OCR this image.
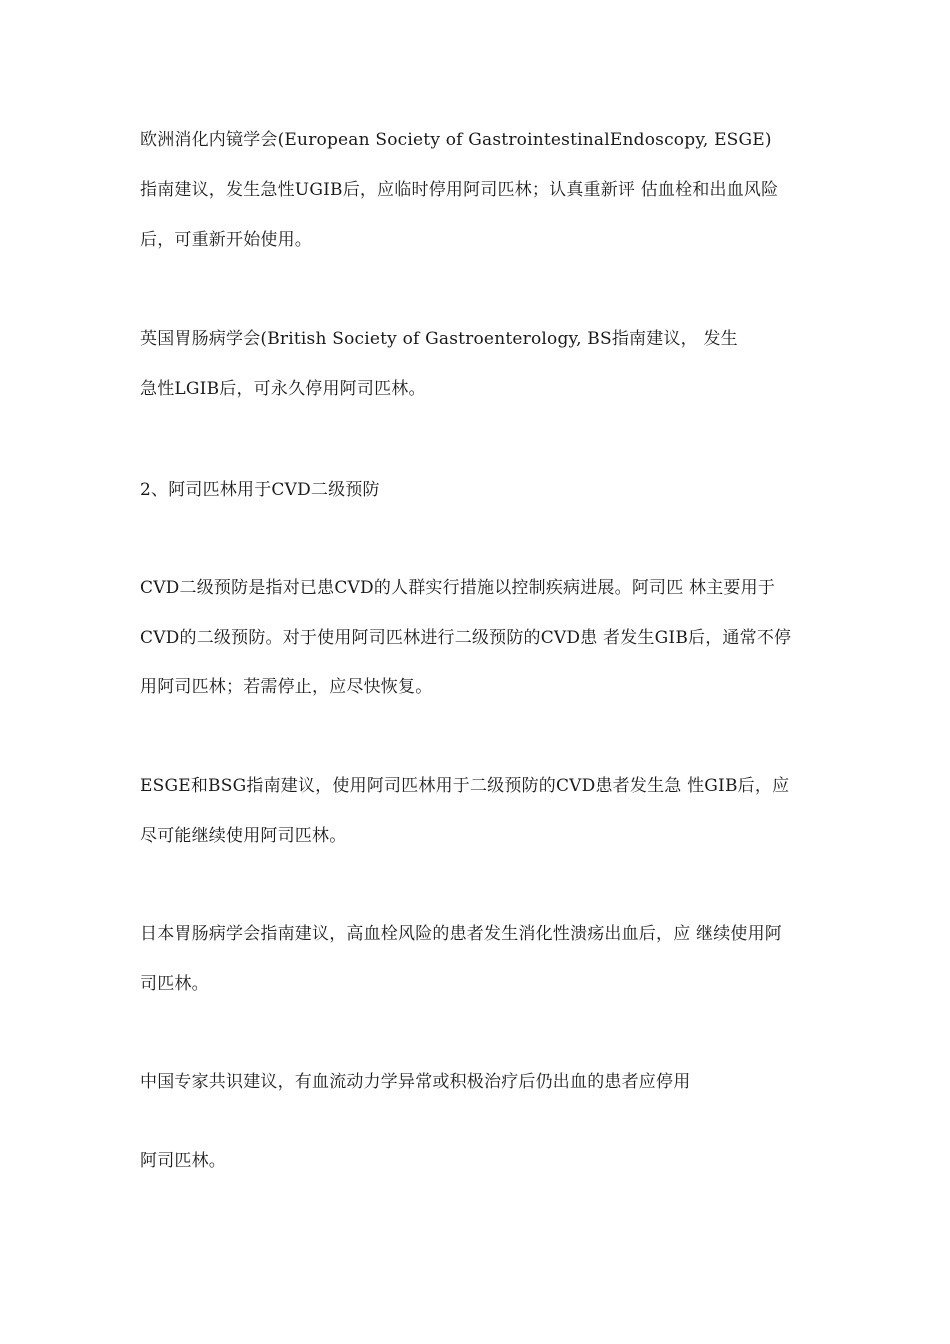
欧洲消化内镜学会(European Society of GastrointestinalEndoscopy, ESGE)
指南建议，发生急性UGIB后，应临时停用阿司匹林；认真重新评 估血栓和出血风险
后，可重新开始使用。
英国胃肠病学会(British Society of Gastroenterology, BS指南建议， 发生
急性LGIB后，可永久停用阿司匹林。
2、阿司匹林用于CVD二级预防
CVD二级预防是指对已患CVD的人群实行措施以控制疾病进展。阿司匹 林主要用于
CVD的二级预防。对于使用阿司匹林进行二级预防的CVD患 者发生GIB后，通常不停
用阿司匹林；若需停止，应尽快恢复。
ESGE和BSG指南建议，使用阿司匹林用于二级预防的CVD患者发生急 性GIB后，应
尽可能继续使用阿司匹林。
日本胃肠病学会指南建议，高血栓风险的患者发生消化性溃疡出血后，应 继续使用阿
司匹林。
中国专家共识建议，有血流动力学异常或积极治疗后仍出血的患者应停用
阿司匹林。
